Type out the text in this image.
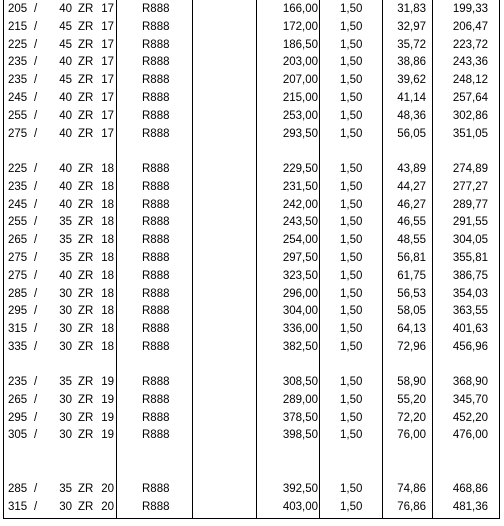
205 /	40 ZR 17 R888	166,00 1,50	31,83	199,33
215 /	45 ZR 17 R888	172,00 1,50	32,97	206,47
225 /	45 ZR 17 R888	186,50 1,50	35,72	223,72
235 /	40 ZR 17 R888	203,00 1,50	38,86	243,36
235 /	45 ZR 17 R888	207,00 1,50	39,62	248,12
245 /	40 ZR 17 R888	215,00 1,50	41,14	257,64
255 /	40 ZR 17 R888	253,00 1,50	48,36	302,86
275 /	40 ZR 17 R888	293,50 1,50	56,05	351,05
225 /	40 ZR 18 R888	229,50 1,50	43,89	274,89
235 /	40 ZR 18 R888	231,50 1,50	44,27	277,27
245 /	40 ZR 18 R888	242,00 1,50	46,27	289,77
255 /	35 ZR 18 R888	243,50 1,50	46,55	291,55
265 /	35 ZR 18 R888	254,00 1,50	48,55	304,05
275 /	35 ZR 18 R888	297,50 1,50	56,81	355,81
275 /	40 ZR 18 R888	323,50 1,50	61,75	386,75
285 /	30 ZR 18 R888	296,00 1,50	56,53	354,03
295 /	30 ZR 18 R888	304,00 1,50	58,05	363,55
315 /	30 ZR 18 R888	336,00 1,50	64,13	401,63
335 /	30 ZR 18 R888	382,50 1,50	72,96	456,96
235 /	35 ZR 19 R888	308,50 1,50	58,90	368,90
265 /	30 ZR 19 R888	289,00 1,50	55,20	345,70
295 /	30 ZR 19 R888	378,50 1,50	72,20	452,20
305 /	30 ZR 19 R888	398,50 1,50	76,00	476,00
285 /	35 ZR 20 R888	392,50 1,50	74,86	468,86
315 /	30 ZR 20 R888	403,00 1,50	76,86	481,36
